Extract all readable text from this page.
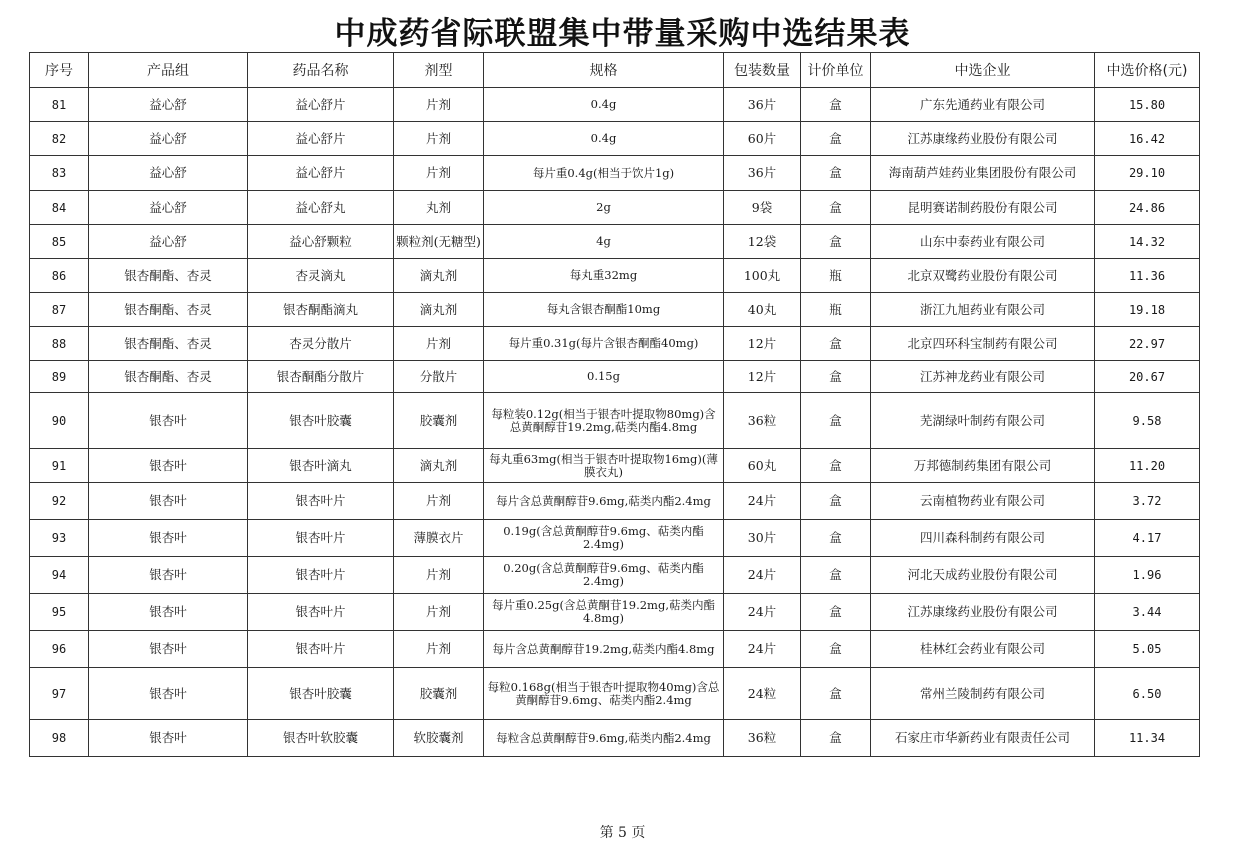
中成药省际联盟集中带量采购中选结果表
序号	产品组	药品名称	剂型	规格	包装数量	计价单位	中选企业	中选价格(元)
81	益心舒	益心舒片	片剂	0.4g	36片	盒	广东先通药业有限公司	15.80
82	益心舒	益心舒片	片剂	0.4g	60片	盒	江苏康缘药业股份有限公司	16.42
83	益心舒	益心舒片	片剂	每片重0.4g(相当于饮片1g)	36片	盒	海南葫芦娃药业集团股份有限公司	29.10
84	益心舒	益心舒丸	丸剂	2g	9袋	盒	昆明赛诺制药股份有限公司	24.86
85	益心舒	益心舒颗粒	颗粒剂(无糖型)	4g	12袋	盒	山东中泰药业有限公司	14.32
86	银杏酮酯、杏灵	杏灵滴丸	滴丸剂	每丸重32mg	100丸	瓶	北京双鹭药业股份有限公司	11.36
87	银杏酮酯、杏灵	银杏酮酯滴丸	滴丸剂	每丸含银杏酮酯10mg	40丸	瓶	浙江九旭药业有限公司	19.18
88	银杏酮酯、杏灵	杏灵分散片	片剂	每片重0.31g(每片含银杏酮酯40mg)	12片	盒	北京四环科宝制药有限公司	22.97
89	银杏酮酯、杏灵	银杏酮酯分散片	分散片	0.15g	12片	盒	江苏神龙药业有限公司	20.67
90	银杏叶	银杏叶胶囊	胶囊剂	每粒装0.12g(相当于银杏叶提取物80mg)含总黄酮醇苷19.2mg,萜类内酯4.8mg	36粒	盒	芜湖绿叶制药有限公司	9.58
91	银杏叶	银杏叶滴丸	滴丸剂	每丸重63mg(相当于银杏叶提取物16mg)(薄膜衣丸)	60丸	盒	万邦德制药集团有限公司	11.20
92	银杏叶	银杏叶片	片剂	每片含总黄酮醇苷9.6mg,萜类内酯2.4mg	24片	盒	云南植物药业有限公司	3.72
93	银杏叶	银杏叶片	薄膜衣片	0.19g(含总黄酮醇苷9.6mg、萜类内酯2.4mg)	30片	盒	四川森科制药有限公司	4.17
94	银杏叶	银杏叶片	片剂	0.20g(含总黄酮醇苷9.6mg、萜类内酯2.4mg)	24片	盒	河北天成药业股份有限公司	1.96
95	银杏叶	银杏叶片	片剂	每片重0.25g(含总黄酮苷19.2mg,萜类内酯4.8mg)	24片	盒	江苏康缘药业股份有限公司	3.44
96	银杏叶	银杏叶片	片剂	每片含总黄酮醇苷19.2mg,萜类内酯4.8mg	24片	盒	桂林红会药业有限公司	5.05
97	银杏叶	银杏叶胶囊	胶囊剂	每粒0.168g(相当于银杏叶提取物40mg)含总黄酮醇苷9.6mg、萜类内酯2.4mg	24粒	盒	常州兰陵制药有限公司	6.50
98	银杏叶	银杏叶软胶囊	软胶囊剂	每粒含总黄酮醇苷9.6mg,萜类内酯2.4mg	36粒	盒	石家庄市华新药业有限责任公司	11.34
第 5 页
